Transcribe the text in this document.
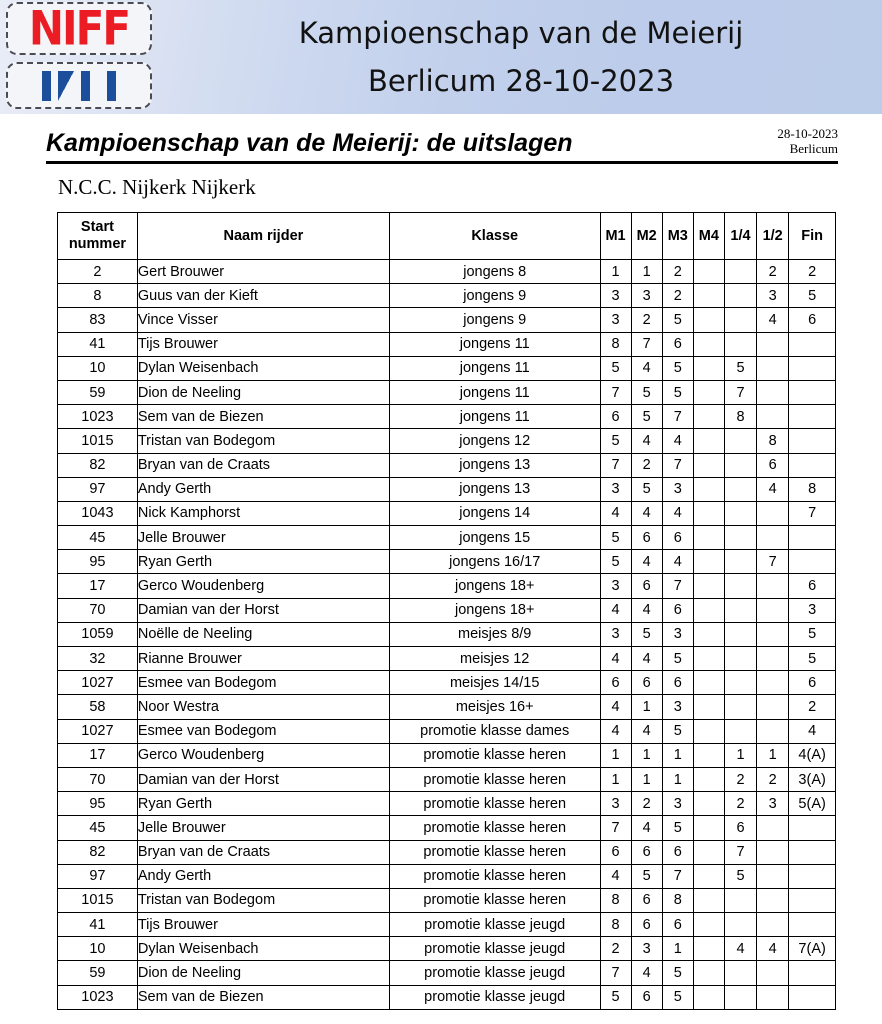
NIFF	Kampioenschap van de Meierij
Berlicum 28-10-2023
Kampioenschap van de Meierij: de uitslagen	28-10-2023
Berlicum
N.C.C. Nijkerk Nijkerk
Start
nummer	Naam rijder	Klasse	M1	M2	M3	M4	1/4	1/2	Fin
2	Gert Brouwer	jongens 8	1	1	2			2	2
8	Guus van der Kieft	jongens 9	3	3	2			3	5
83	Vince Visser	jongens 9	3	2	5			4	6
41	Tijs Brouwer	jongens 11	8	7	6				
10	Dylan Weisenbach	jongens 11	5	4	5		5		
59	Dion de Neeling	jongens 11	7	5	5		7		
1023	Sem van de Biezen	jongens 11	6	5	7		8		
1015	Tristan van Bodegom	jongens 12	5	4	4			8	
82	Bryan van de Craats	jongens 13	7	2	7			6	
97	Andy Gerth	jongens 13	3	5	3			4	8
1043	Nick Kamphorst	jongens 14	4	4	4				7
45	Jelle Brouwer	jongens 15	5	6	6				
95	Ryan Gerth	jongens 16/17	5	4	4			7	
17	Gerco Woudenberg	jongens 18+	3	6	7				6
70	Damian van der Horst	jongens 18+	4	4	6				3
1059	Noëlle de Neeling	meisjes 8/9	3	5	3				5
32	Rianne Brouwer	meisjes 12	4	4	5				5
1027	Esmee van Bodegom	meisjes 14/15	6	6	6				6
58	Noor Westra	meisjes 16+	4	1	3				2
1027	Esmee van Bodegom	promotie klasse dames	4	4	5				4
17	Gerco Woudenberg	promotie klasse heren	1	1	1		1	1	4(A)
70	Damian van der Horst	promotie klasse heren	1	1	1		2	2	3(A)
95	Ryan Gerth	promotie klasse heren	3	2	3		2	3	5(A)
45	Jelle Brouwer	promotie klasse heren	7	4	5		6		
82	Bryan van de Craats	promotie klasse heren	6	6	6		7		
97	Andy Gerth	promotie klasse heren	4	5	7		5		
1015	Tristan van Bodegom	promotie klasse heren	8	6	8				
41	Tijs Brouwer	promotie klasse jeugd	8	6	6				
10	Dylan Weisenbach	promotie klasse jeugd	2	3	1		4	4	7(A)
59	Dion de Neeling	promotie klasse jeugd	7	4	5				
1023	Sem van de Biezen	promotie klasse jeugd	5	6	5				
